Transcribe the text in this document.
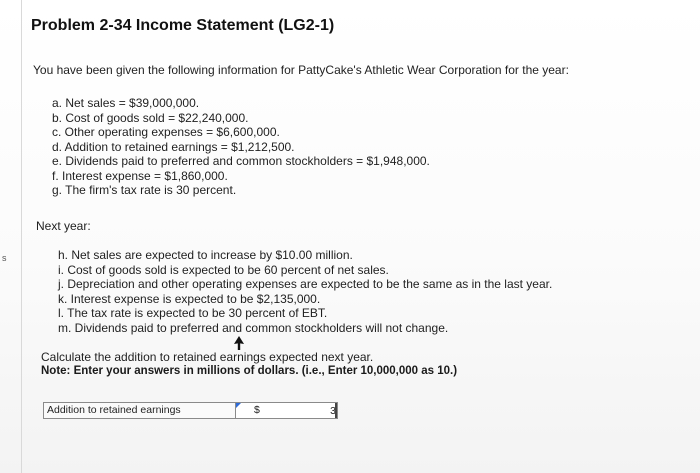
s
Problem 2-34 Income Statement (LG2-1)
You have been given the following information for PattyCake's Athletic Wear Corporation for the year:
a. Net sales = $39,000,000.
b. Cost of goods sold = $22,240,000.
c. Other operating expenses = $6,600,000.
d. Addition to retained earnings = $1,212,500.
e. Dividends paid to preferred and common stockholders = $1,948,000.
f. Interest expense = $1,860,000.
g. The firm's tax rate is 30 percent.
Next year:
h. Net sales are expected to increase by $10.00 million.
i. Cost of goods sold is expected to be 60 percent of net sales.
j. Depreciation and other operating expenses are expected to be the same as in the last year.
k. Interest expense is expected to be $2,135,000.
l. The tax rate is expected to be 30 percent of EBT.
m. Dividends paid to preferred and common stockholders will not change.
Calculate the addition to retained earnings expected next year.
Note: Enter your answers in millions of dollars. (i.e., Enter 10,000,000 as 10.)
Addition to retained earnings	$
3
